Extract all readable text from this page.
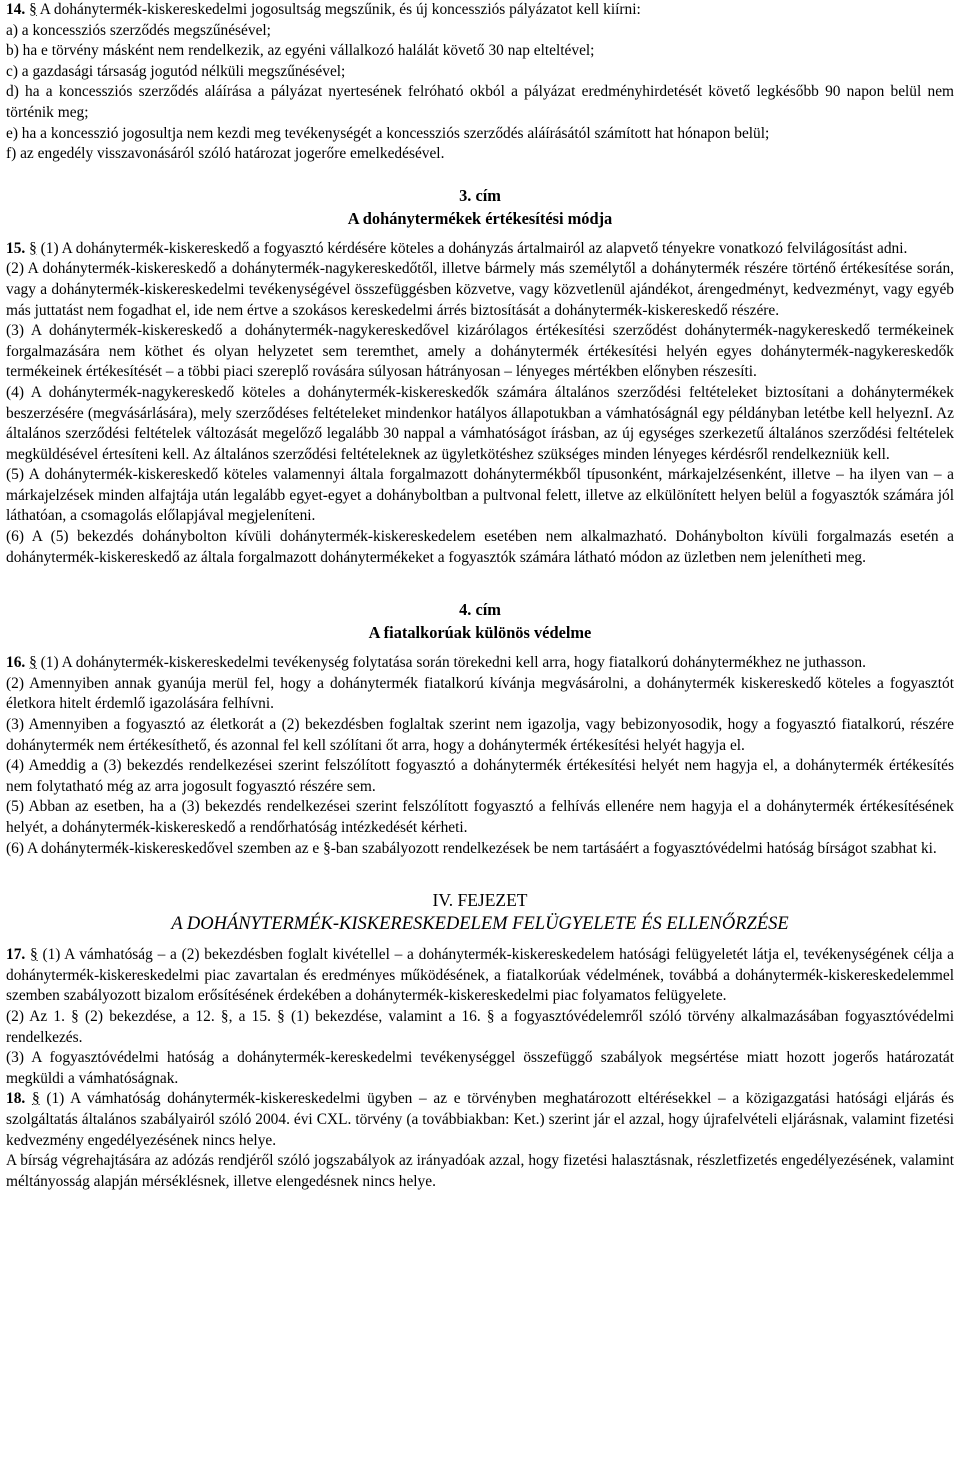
14. § A dohánytermék-kiskereskedelmi jogosultság megszűnik, és új koncessziós pályázatot kell kiírni:

a) a koncessziós szerződés megszűnésével;

b) ha e törvény másként nem rendelkezik, az egyéni vállalkozó halálát követő 30 nap elteltével;

c) a gazdasági társaság jogutód nélküli megszűnésével;

d) ha a koncessziós szerződés aláírása a pályázat nyertesének felróható okból a pályázat eredményhirdetését követő legkésőbb 90 napon belül nem történik meg;

e) ha a koncesszió jogosultja nem kezdi meg tevékenységét a koncessziós szerződés aláírásától számított hat hónapon belül;

f) az engedély visszavonásáról szóló határozat jogerőre emelkedésével.

3. cím

A dohánytermékek értékesítési módja

15. § (1) A dohánytermék-kiskereskedő a fogyasztó kérdésére köteles a dohányzás ártalmairól az alapvető tényekre vonatkozó felvilágosítást adni.

(2) A dohánytermék-kiskereskedő a dohánytermék-nagykereskedőtől, illetve bármely más személytől a dohánytermék részére történő értékesítése során, vagy a dohánytermék-kiskereskedelmi tevékenységével összefüggésben közvetve, vagy közvetlenül ajándékot, árengedményt, kedvezményt, vagy egyéb más juttatást nem fogadhat el, ide nem értve a szokásos kereskedelmi árrés biztosítását a dohánytermék-kiskereskedő részére.

(3) A dohánytermék-kiskereskedő a dohánytermék-nagykereskedővel kizárólagos értékesítési szerződést dohánytermék-nagykereskedő termékeinek forgalmazására nem köthet és olyan helyzetet sem teremthet, amely a dohánytermék értékesítési helyén egyes dohánytermék-nagykereskedők termékeinek értékesítését – a többi piaci szereplő rovására súlyosan hátrányosan – lényeges mértékben előnyben részesíti.

(4) A dohánytermék-nagykereskedő köteles a dohánytermék-kiskereskedők számára általános szerződési feltételeket biztosítani a dohánytermékek beszerzésére (megvásárlására), mely szerződéses feltételeket mindenkor hatályos állapotukban a vámhatóságnál egy példányban letétbe kell helyeznI. Az általános szerződési feltételek változását megelőző legalább 30 nappal a vámhatóságot írásban, az új egységes szerkezetű általános szerződési feltételek megküldésével értesíteni kell. Az általános szerződési feltételeknek az ügyletkötéshez szükséges minden lényeges kérdésről rendelkezniük kell.

(5) A dohánytermék-kiskereskedő köteles valamennyi általa forgalmazott dohánytermékből típusonként, márkajelzésenként, illetve – ha ilyen van – a márkajelzések minden alfajtája után legalább egyet-egyet a dohányboltban a pultvonal felett, illetve az elkülönített helyen belül a fogyasztók számára jól láthatóan, a csomagolás előlapjával megjeleníteni.

(6) A (5) bekezdés dohánybolton kívüli dohánytermék-kiskereskedelem esetében nem alkalmazható. Dohánybolton kívüli forgalmazás esetén a dohánytermék-kiskereskedő az általa forgalmazott dohánytermékeket a fogyasztók számára látható módon az üzletben nem jelenítheti meg.

4. cím

A fiatalkorúak különös védelme

16. § (1) A dohánytermék-kiskereskedelmi tevékenység folytatása során törekedni kell arra, hogy fiatalkorú dohánytermékhez ne juthasson.

(2) Amennyiben annak gyanúja merül fel, hogy a dohánytermék fiatalkorú kívánja megvásárolni, a dohánytermék kiskereskedő köteles a fogyasztót életkora hitelt érdemlő igazolására felhívni.

(3) Amennyiben a fogyasztó az életkorát a (2) bekezdésben foglaltak szerint nem igazolja, vagy bebizonyosodik, hogy a fogyasztó fiatalkorú, részére dohánytermék nem értékesíthető, és azonnal fel kell szólítani őt arra, hogy a dohánytermék értékesítési helyét hagyja el.

(4) Ameddig a (3) bekezdés rendelkezései szerint felszólított fogyasztó a dohánytermék értékesítési helyét nem hagyja el, a dohánytermék értékesítés nem folytatható még az arra jogosult fogyasztó részére sem.

(5) Abban az esetben, ha a (3) bekezdés rendelkezései szerint felszólított fogyasztó a felhívás ellenére nem hagyja el a dohánytermék értékesítésének helyét, a dohánytermék-kiskereskedő a rendőrhatóság intézkedését kérheti.

(6) A dohánytermék-kiskereskedővel szemben az e §-ban szabályozott rendelkezések be nem tartásáért a fogyasztóvédelmi hatóság bírságot szabhat ki.

IV. FEJEZET

A DOHÁNYTERMÉK-KISKERESKEDELEM FELÜGYELETE ÉS ELLENŐRZÉSE

17. § (1) A vámhatóság – a (2) bekezdésben foglalt kivétellel – a dohánytermék-kiskereskedelem hatósági felügyeletét látja el, tevékenységének célja a dohánytermék-kiskereskedelmi piac zavartalan és eredményes működésének, a fiatalkorúak védelmének, továbbá a dohánytermék-kiskereskedelemmel szemben szabályozott bizalom erősítésének érdekében a dohánytermék-kiskereskedelmi piac folyamatos felügyelete.

(2) Az 1. § (2) bekezdése, a 12. §, a 15. § (1) bekezdése, valamint a 16. § a fogyasztóvédelemről szóló törvény alkalmazásában fogyasztóvédelmi rendelkezés.

(3) A fogyasztóvédelmi hatóság a dohánytermék-kereskedelmi tevékenységgel összefüggő szabályok megsértése miatt hozott jogerős határozatát megküldi a vámhatóságnak.

18. § (1) A vámhatóság dohánytermék-kiskereskedelmi ügyben – az e törvényben meghatározott eltérésekkel – a közigazgatási hatósági eljárás és szolgáltatás általános szabályairól szóló 2004. évi CXL. törvény (a továbbiakban: Ket.) szerint jár el azzal, hogy újrafelvételi eljárásnak, valamint fizetési kedvezmény engedélyezésének nincs helye.

A bírság végrehajtására az adózás rendjéről szóló jogszabályok az irányadóak azzal, hogy fizetési halasztásnak, részletfizetés engedélyezésének, valamint méltányosság alapján mérséklésnek, illetve elengedésnek nincs helye.
